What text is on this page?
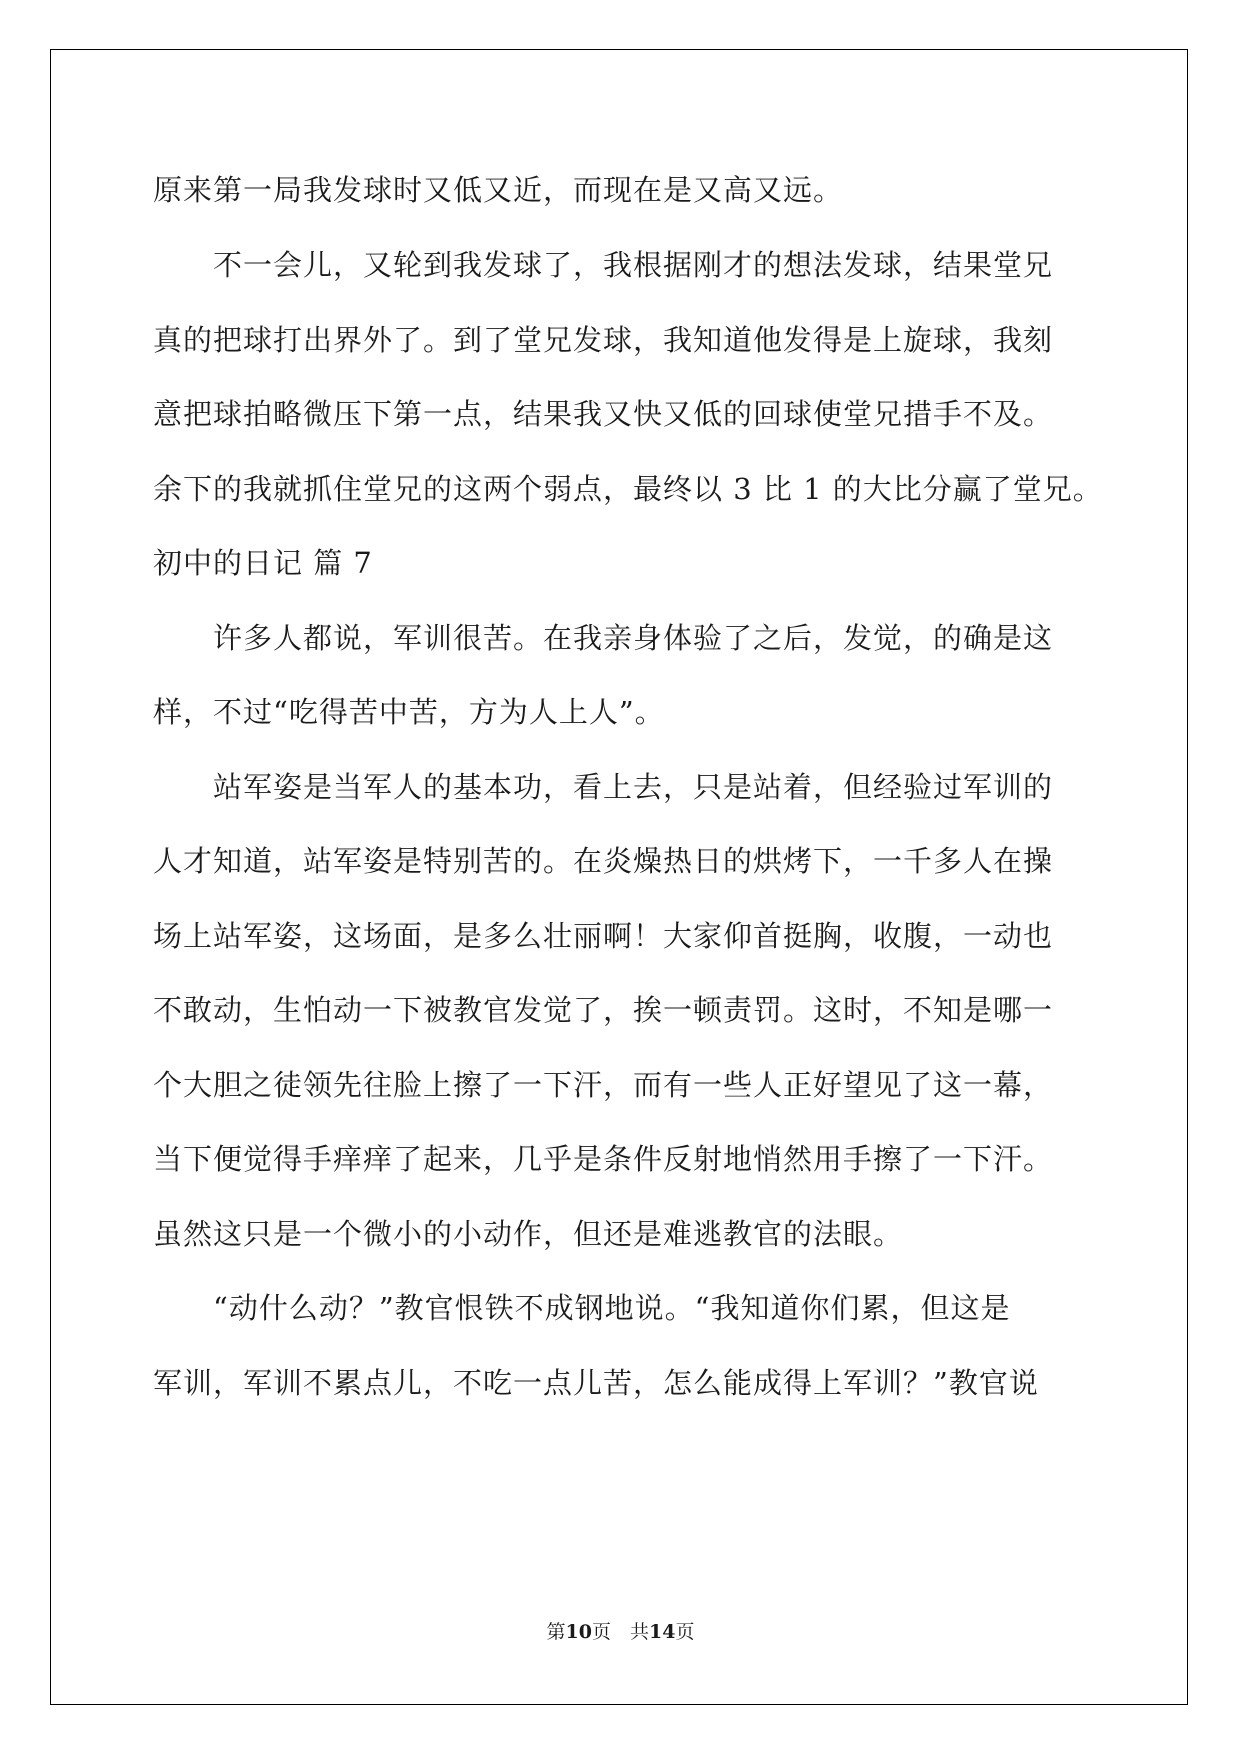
原来第一局我发球时又低又近，而现在是又高又远。
　　不一会儿，又轮到我发球了，我根据刚才的想法发球，结果堂兄
真的把球打出界外了。到了堂兄发球，我知道他发得是上旋球，我刻
意把球拍略微压下第一点，结果我又快又低的回球使堂兄措手不及。
余下的我就抓住堂兄的这两个弱点，最终以 3 比 1 的大比分赢了堂兄。
初中的日记 篇 7
　　许多人都说，军训很苦。在我亲身体验了之后，发觉，的确是这
样，不过“吃得苦中苦，方为人上人”。
　　站军姿是当军人的基本功，看上去，只是站着，但经验过军训的
人才知道，站军姿是特别苦的。在炎燥热日的烘烤下，一千多人在操
场上站军姿，这场面，是多么壮丽啊！大家仰首挺胸，收腹，一动也
不敢动，生怕动一下被教官发觉了，挨一顿责罚。这时，不知是哪一
个大胆之徒领先往脸上擦了一下汗，而有一些人正好望见了这一幕，
当下便觉得手痒痒了起来，几乎是条件反射地悄然用手擦了一下汗。
虽然这只是一个微小的小动作，但还是难逃教官的法眼。
　　“动什么动？”教官恨铁不成钢地说。“我知道你们累，但这是
军训，军训不累点儿，不吃一点儿苦，怎么能成得上军训？”教官说
第10页　共14页
